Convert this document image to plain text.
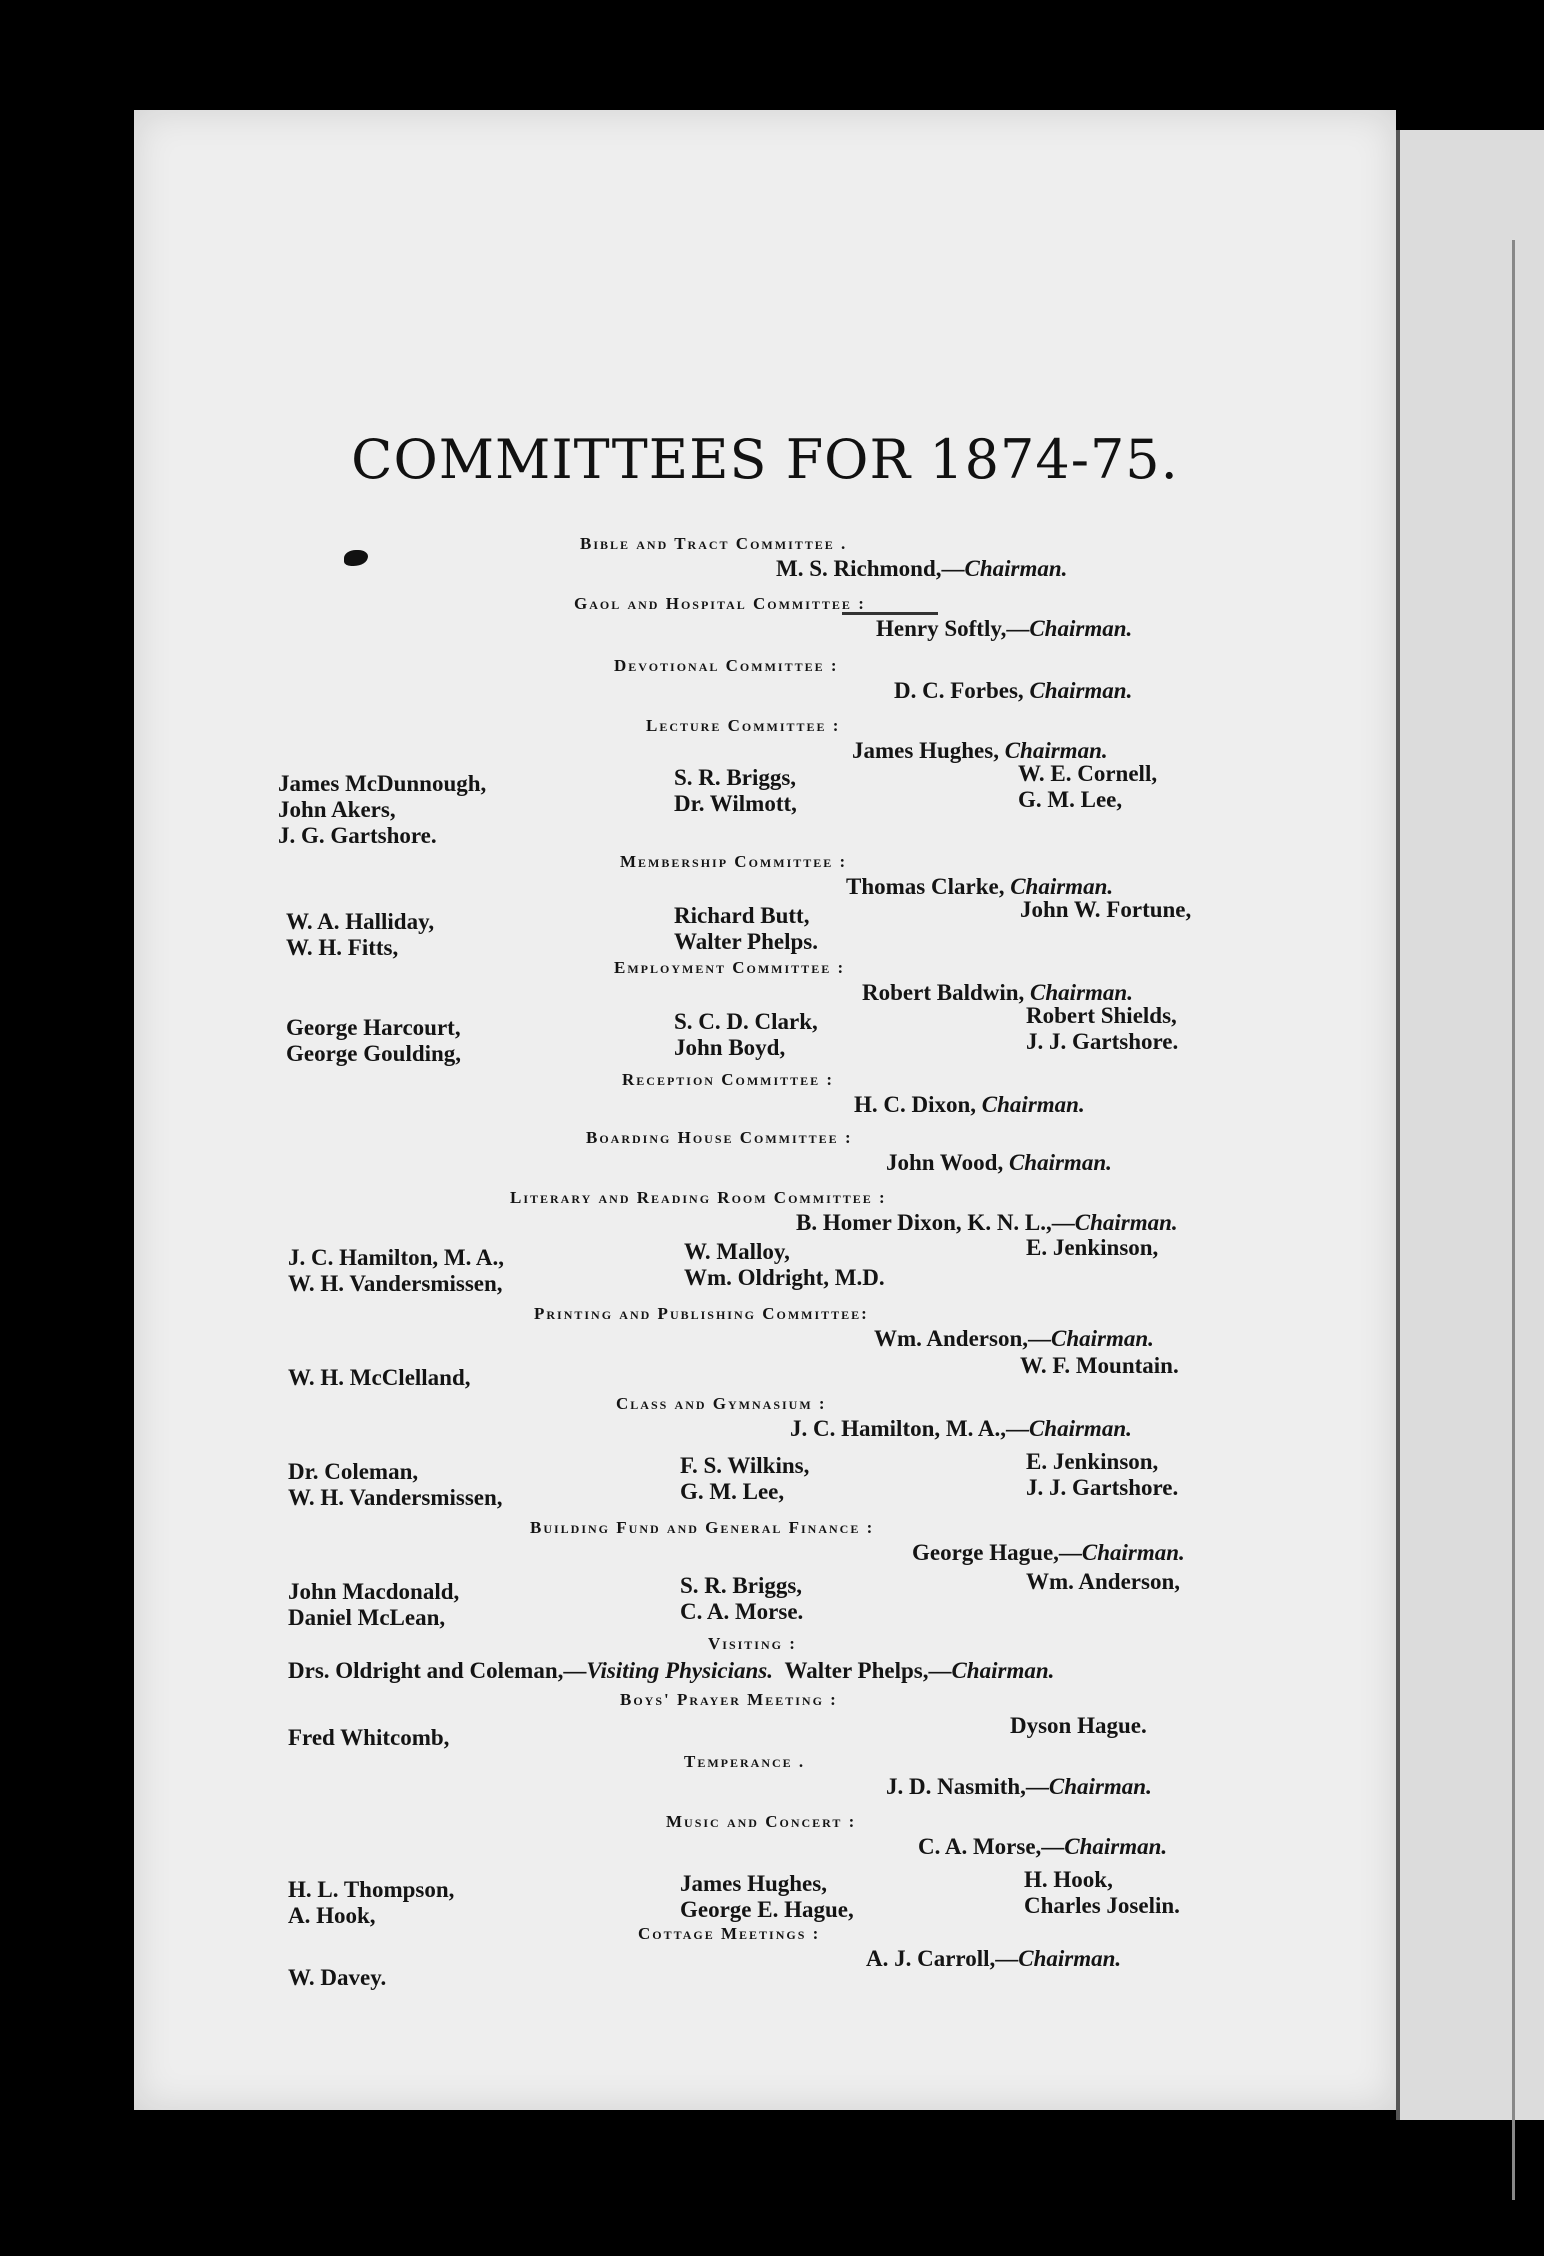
COMMITTEES FOR 1874-75.
Bible and Tract Committee .
M. S. Richmond,—Chairman.
Gaol and Hospital Committee :
Henry Softly,—Chairman.
Devotional Committee :
D. C. Forbes, Chairman.
Lecture Committee :
James Hughes, Chairman.
James McDunnough,
John Akers,
J. G. Gartshore.
S. R. Briggs,
Dr. Wilmott,
W. E. Cornell,
G. M. Lee,
Membership Committee :
Thomas Clarke, Chairman.
W. A. Halliday,
W. H. Fitts,
Richard Butt,
Walter Phelps.
John W. Fortune,
Employment Committee :
Robert Baldwin, Chairman.
George Harcourt,
George Goulding,
S. C. D. Clark,
John Boyd,
Robert Shields,
J. J. Gartshore.
Reception Committee :
H. C. Dixon, Chairman.
Boarding House Committee :
John Wood, Chairman.
Literary and Reading Room Committee :
B. Homer Dixon, K. N. L.,—Chairman.
J. C. Hamilton, M. A.,
W. H. Vandersmissen,
W. Malloy,
Wm. Oldright, M.D.
E. Jenkinson,
Printing and Publishing Committee:
Wm. Anderson,—Chairman.
W. H. McClelland,	W. F. Mountain.
Class and Gymnasium :
J. C. Hamilton, M. A.,—Chairman.
Dr. Coleman,
W. H. Vandersmissen,
F. S. Wilkins,
G. M. Lee,
E. Jenkinson,
J. J. Gartshore.
Building Fund and General Finance :
George Hague,—Chairman.
John Macdonald,
Daniel McLean,
S. R. Briggs,
C. A. Morse.
Wm. Anderson,
Visiting :
Drs. Oldright and Coleman,—Visiting Physicians. Walter Phelps,—Chairman.
Boys' Prayer Meeting :
Fred Whitcomb,	Dyson Hague.
Temperance .
J. D. Nasmith,—Chairman.
Music and Concert :
C. A. Morse,—Chairman.
H. L. Thompson,
A. Hook,
James Hughes,
George E. Hague,
H. Hook,
Charles Joselin.
Cottage Meetings :
A. J. Carroll,—Chairman.
W. Davey.
